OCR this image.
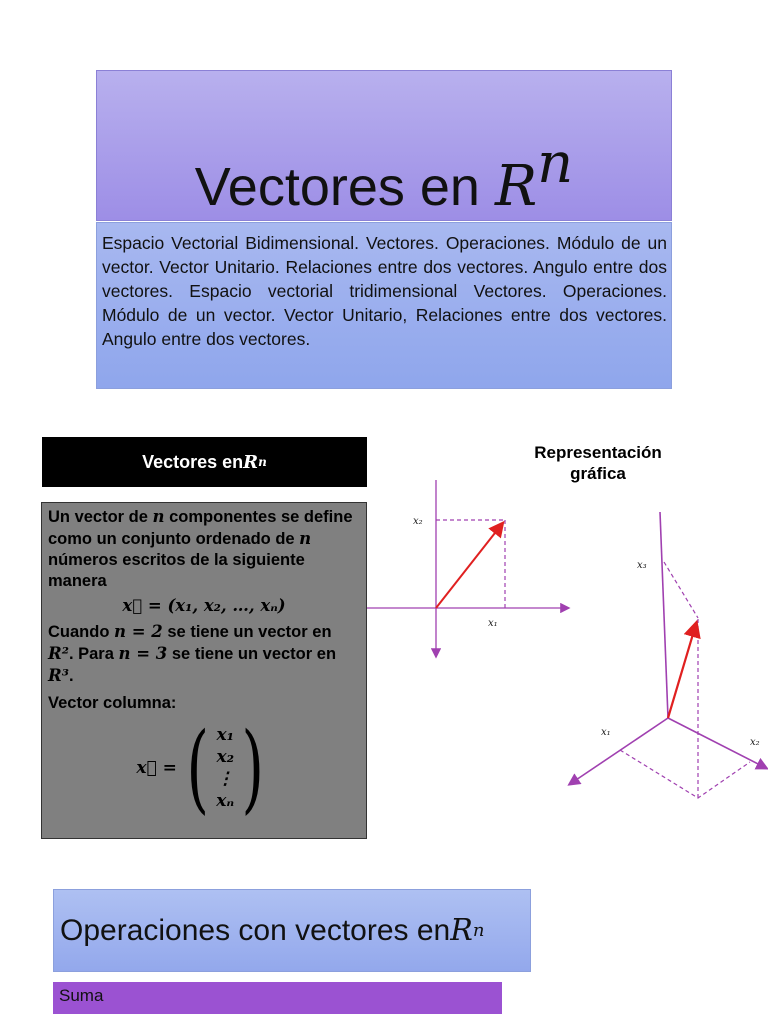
Vectores en Rn
Espacio Vectorial Bidimensional. Vectores. Operaciones. Módulo de un vector. Vector Unitario. Relaciones entre dos vectores. Angulo entre dos vectores. Espacio vectorial tridimensional Vectores. Operaciones. Módulo de un vector. Vector Unitario, Relaciones entre dos vectores. Angulo entre dos vectores.
Vectores en R n

Un vector de n componentes se define como un conjunto ordenado de n números escritos de la siguiente manera

x⃗ = (x₁, x₂, …, xₙ)

Cuando n = 2 se tiene un vector en R². Para n = 3 se tiene un vector en R³.

Vector columna:

x⃗ = ( x₁
x₂
⋮
xₙ )
Representación gráfica
x₂
x₁
x₃
x₁
x₂
Operaciones con vectores en R n
Suma
